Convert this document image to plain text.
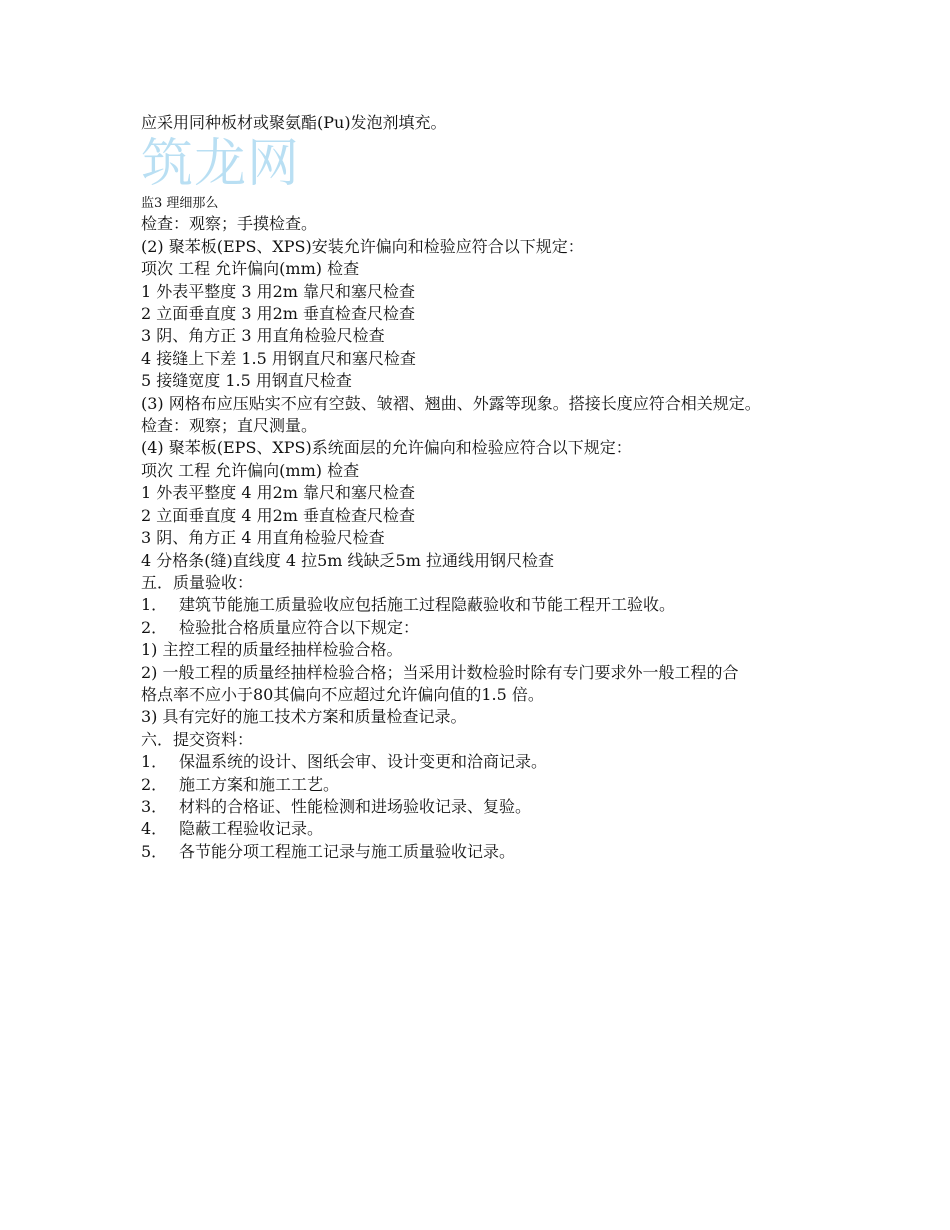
应采用同种板材或聚氨酯(Pu)发泡剂填充。
筑龙网
监3 理细那么
检查：观察；手摸检查。
(2) 聚苯板(EPS、XPS)安装允许偏向和检验应符合以下规定：
项次 工程 允许偏向(mm) 检查
1 外表平整度 3 用2m 靠尺和塞尺检查
2 立面垂直度 3 用2m 垂直检查尺检查
3 阴、角方正 3 用直角检验尺检查
4 接缝上下差 1.5 用钢直尺和塞尺检查
5 接缝宽度 1.5 用钢直尺检查
(3) 网格布应压贴实不应有空鼓、皱褶、翘曲、外露等现象。搭接长度应符合相关规定。
检查：观察；直尺测量。
(4) 聚苯板(EPS、XPS)系统面层的允许偏向和检验应符合以下规定：
项次 工程 允许偏向(mm) 检查
1 外表平整度 4 用2m 靠尺和塞尺检查
2 立面垂直度 4 用2m 垂直检查尺检查
3 阴、角方正 4 用直角检验尺检查
4 分格条(缝)直线度 4 拉5m 线缺乏5m 拉通线用钢尺检查
五．质量验收：
1． 建筑节能施工质量验收应包括施工过程隐蔽验收和节能工程开工验收。
2． 检验批合格质量应符合以下规定：
1) 主控工程的质量经抽样检验合格。
2) 一般工程的质量经抽样检验合格；当采用计数检验时除有专门要求外一般工程的合
格点率不应小于80其偏向不应超过允许偏向值的1.5 倍。
3) 具有完好的施工技术方案和质量检查记录。
六．提交资料：
1． 保温系统的设计、图纸会审、设计变更和洽商记录。
2． 施工方案和施工工艺。
3． 材料的合格证、性能检测和进场验收记录、复验。
4． 隐蔽工程验收记录。
5． 各节能分项工程施工记录与施工质量验收记录。
